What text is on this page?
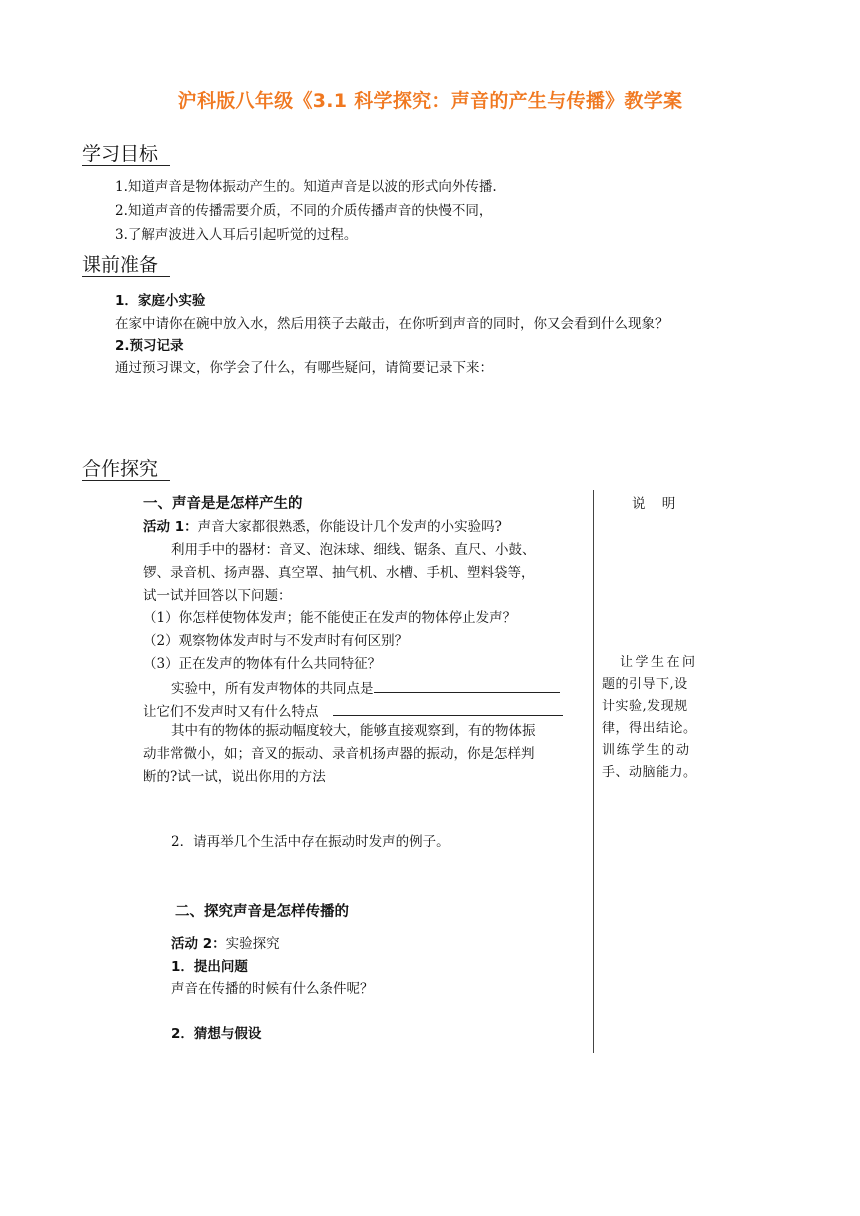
沪科版八年级《3.1 科学探究：声音的产生与传播》教学案
学习目标
1.知道声音是物体振动产生的。知道声音是以波的形式向外传播.
2.知道声音的传播需要介质，不同的介质传播声音的快慢不同，
3.了解声波进入人耳后引起听觉的过程。
课前准备
1．家庭小实验
在家中请你在碗中放入水，然后用筷子去敲击，在你听到声音的同时，你又会看到什么现象？
2.预习记录
通过预习课文，你学会了什么，有哪些疑问，请简要记录下来：
合作探究
说 明
一、声音是是怎样产生的
活动 1：声音大家都很熟悉，你能设计几个发声的小实验吗?
利用手中的器材：音叉、泡沫球、细线、锯条、直尺、小鼓、
锣、录音机、扬声器、真空罩、抽气机、水槽、手机、塑料袋等，
试一试并回答以下问题：
（1）你怎样使物体发声；能不能使正在发声的物体停止发声？
（2）观察物体发声时与不发声时有何区别？
（3）正在发声的物体有什么共同特征？
实验中，所有发声物体的共同点是
让它们不发声时又有什么特点
其中有的物体的振动幅度较大，能够直接观察到，有的物体振
动非常微小，如；音叉的振动、录音机扬声器的振动，你是怎样判
断的?试一试，说出你用的方法
2．请再举几个生活中存在振动时发声的例子。
二、探究声音是怎样传播的
活动 2：实验探究
1．提出问题
声音在传播的时候有什么条件呢？
2．猜想与假设
让学生在问
题的引导下,设
计实验,发现规
律，得出结论。
训练学生的动
手、动脑能力。
